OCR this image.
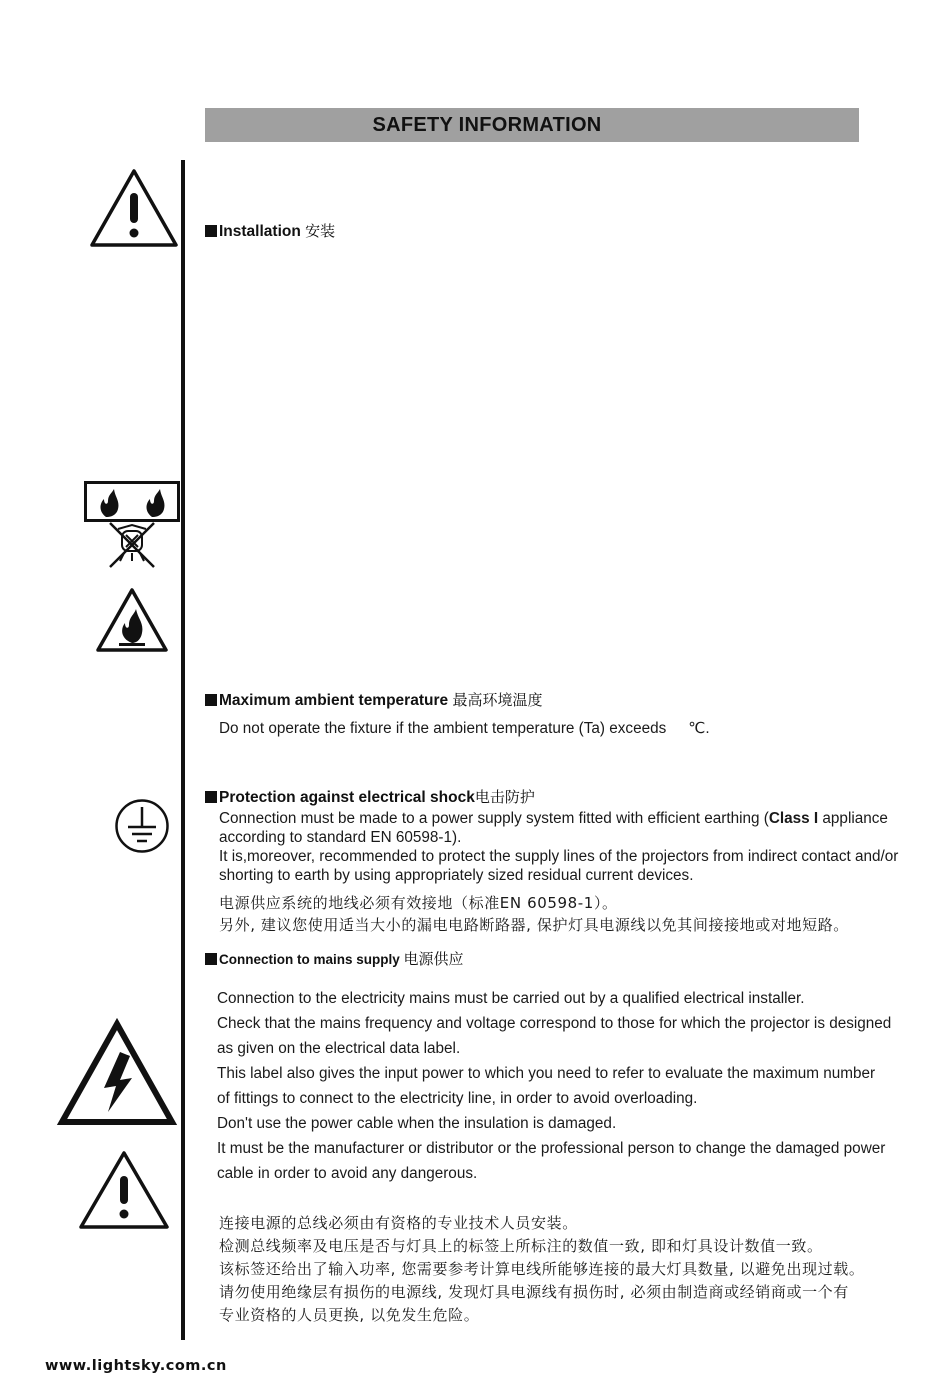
SAFETY INFORMATION
Installation 安装
Maximum ambient temperature 最高环境温度
Do not operate the fixture if the ambient temperature (Ta) exceeds ℃.
Protection against electrical shock电击防护
Connection must be made to a power supply system fitted with efficient earthing (Class I appliance
according to standard EN 60598-1).
It is,moreover, recommended to protect the supply lines of the projectors from indirect contact and/or
shorting to earth by using appropriately sized residual current devices.
电源供应系统的地线必须有效接地（标准EN 60598-1）。
另外, 建议您使用适当大小的漏电电路断路器, 保护灯具电源线以免其间接接地或对地短路。
Connection to mains supply 电源供应
Connection to the electricity mains must be carried out by a qualified electrical installer.
Check that the mains frequency and voltage correspond to those for which the projector is designed
as given on the electrical data label.
This label also gives the input power to which you need to refer to evaluate the maximum number
of fittings to connect to the electricity line, in order to avoid overloading.
Don't use the power cable when the insulation is damaged.
It must be the manufacturer or distributor or the professional person to change the damaged power
cable in order to avoid any dangerous.
连接电源的总线必须由有资格的专业技术人员安装。
检测总线频率及电压是否与灯具上的标签上所标注的数值一致, 即和灯具设计数值一致。
该标签还给出了输入功率, 您需要参考计算电线所能够连接的最大灯具数量, 以避免出现过载。
请勿使用绝缘层有损伤的电源线, 发现灯具电源线有损伤时, 必须由制造商或经销商或一个有
专业资格的人员更换, 以免发生危险。
www.lightsky.com.cn
